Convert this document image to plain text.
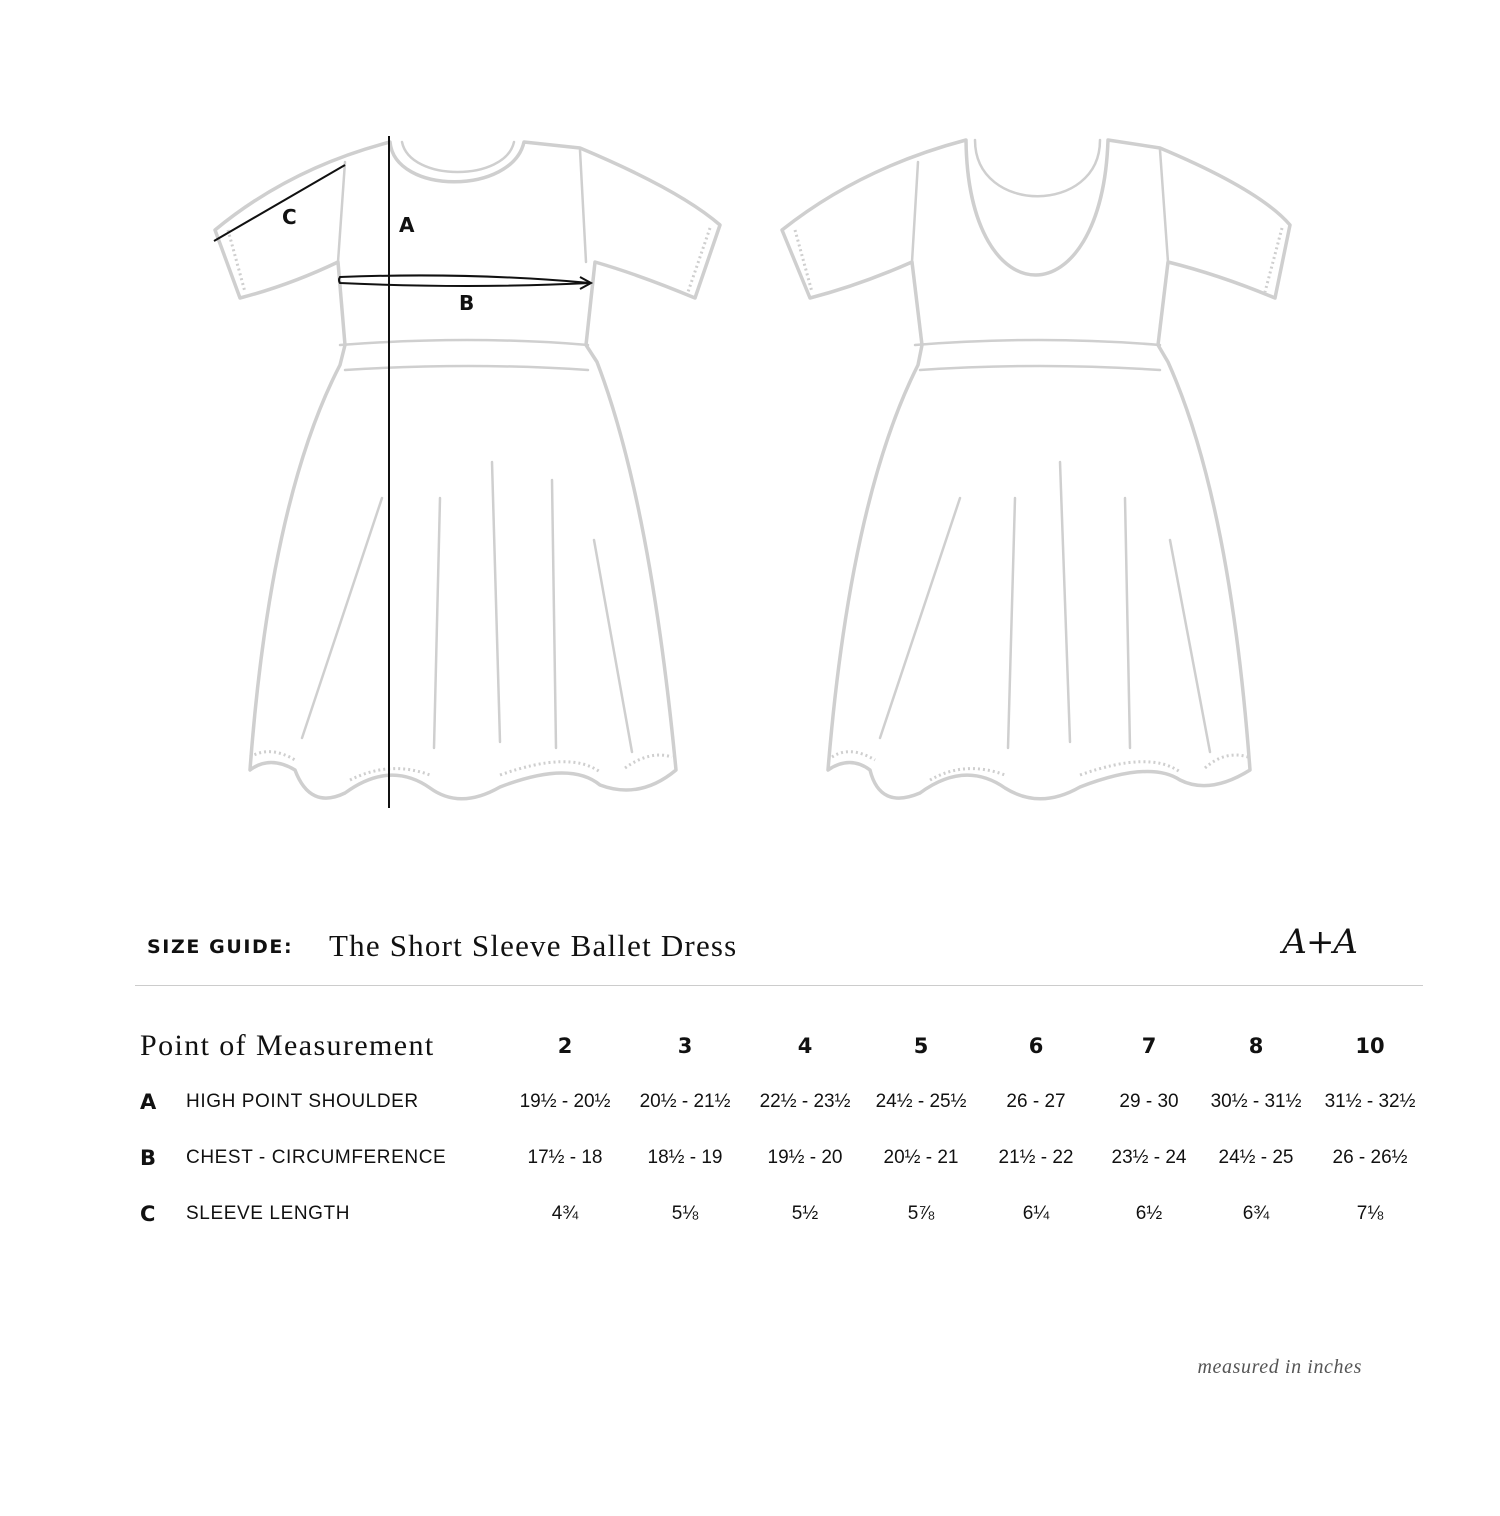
A
B
C
SIZE GUIDE: The Short Sleeve Ballet Dress	A+A
Point of Measurement		2	3	4	5	6	7	8	10
A	HIGH POINT SHOULDER	19½ - 20½	20½ - 21½	22½ - 23½	24½ - 25½	26 - 27	29 - 30	30½ - 31½	31½ - 32½
B	CHEST - CIRCUMFERENCE	17½ - 18	18½ - 19	19½ - 20	20½ - 21	21½ - 22	23½ - 24	24½ - 25	26 - 26½
C	SLEEVE LENGTH	4¾	5⅛	5½	5⅞	6¼	6½	6¾	7⅛
measured in inches
